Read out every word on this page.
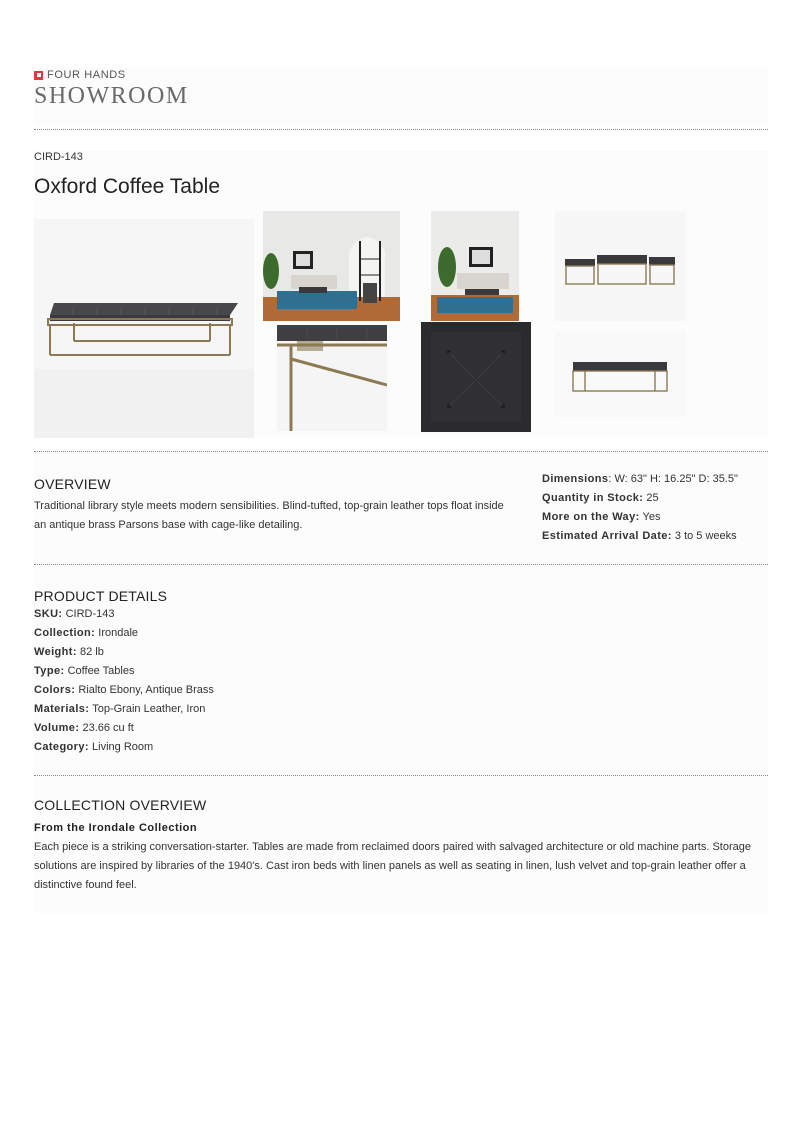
FOUR HANDS
SHOWROOM
CIRD-143
Oxford Coffee Table
OVERVIEW
Traditional library style meets modern sensibilities. Blind-tufted, top-grain leather tops float inside an antique brass Parsons base with cage-like detailing.
Dimensions: W: 63" H: 16.25" D: 35.5"
Quantity in Stock: 25
More on the Way: Yes
Estimated Arrival Date: 3 to 5 weeks
PRODUCT DETAILS
SKU: CIRD-143
Collection: Irondale
Weight: 82 lb
Type: Coffee Tables
Colors: Rialto Ebony, Antique Brass
Materials: Top-Grain Leather, Iron
Volume: 23.66 cu ft
Category: Living Room
COLLECTION OVERVIEW
From the Irondale Collection
Each piece is a striking conversation-starter. Tables are made from reclaimed doors paired with salvaged architecture or old machine parts. Storage solutions are inspired by libraries of the 1940's. Cast iron beds with linen panels as well as seating in linen, lush velvet and top-grain leather offer a distinctive found feel.
